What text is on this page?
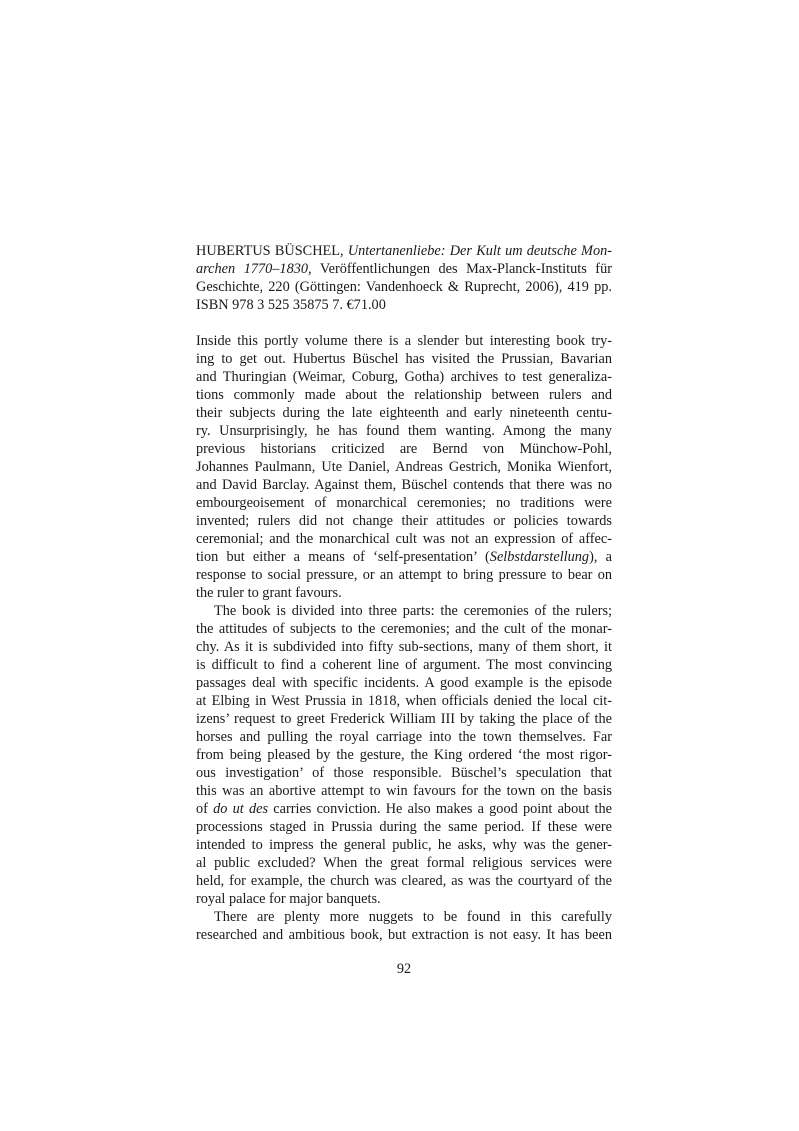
HUBERTUS BÜSCHEL, Untertanenliebe: Der Kult um deutsche Mon-
archen 1770–1830, Veröffentlichungen des Max-Planck-Instituts für
Geschichte, 220 (Göttingen: Vandenhoeck & Ruprecht, 2006), 419 pp.
ISBN 978 3 525 35875 7. €71.00
Inside this portly volume there is a slender but interesting book try-
ing to get out. Hubertus Büschel has visited the Prussian, Bavarian
and Thuringian (Weimar, Coburg, Gotha) archives to test generaliza-
tions commonly made about the relationship between rulers and
their subjects during the late eighteenth and early nineteenth centu-
ry. Unsurprisingly, he has found them wanting. Among the many
previous historians criticized are Bernd von Münchow-Pohl,
Johannes Paulmann, Ute Daniel, Andreas Gestrich, Monika Wienfort,
and David Barclay. Against them, Büschel contends that there was no
embourgeoisement of monarchical ceremonies; no traditions were
invented; rulers did not change their attitudes or policies towards
ceremonial; and the monarchical cult was not an expression of affec-
tion but either a means of ‘self-presentation’ (Selbstdarstellung), a
response to social pressure, or an attempt to bring pressure to bear on
the ruler to grant favours.
The book is divided into three parts: the ceremonies of the rulers;
the attitudes of subjects to the ceremonies; and the cult of the monar-
chy. As it is subdivided into fifty sub-sections, many of them short, it
is difficult to find a coherent line of argument. The most convincing
passages deal with specific incidents. A good example is the episode
at Elbing in West Prussia in 1818, when officials denied the local cit-
izens’ request to greet Frederick William III by taking the place of the
horses and pulling the royal carriage into the town themselves. Far
from being pleased by the gesture, the King ordered ‘the most rigor-
ous investigation’ of those responsible. Büschel’s speculation that
this was an abortive attempt to win favours for the town on the basis
of do ut des carries conviction. He also makes a good point about the
processions staged in Prussia during the same period. If these were
intended to impress the general public, he asks, why was the gener-
al public excluded? When the great formal religious services were
held, for example, the church was cleared, as was the courtyard of the
royal palace for major banquets.
There are plenty more nuggets to be found in this carefully
researched and ambitious book, but extraction is not easy. It has been
92
